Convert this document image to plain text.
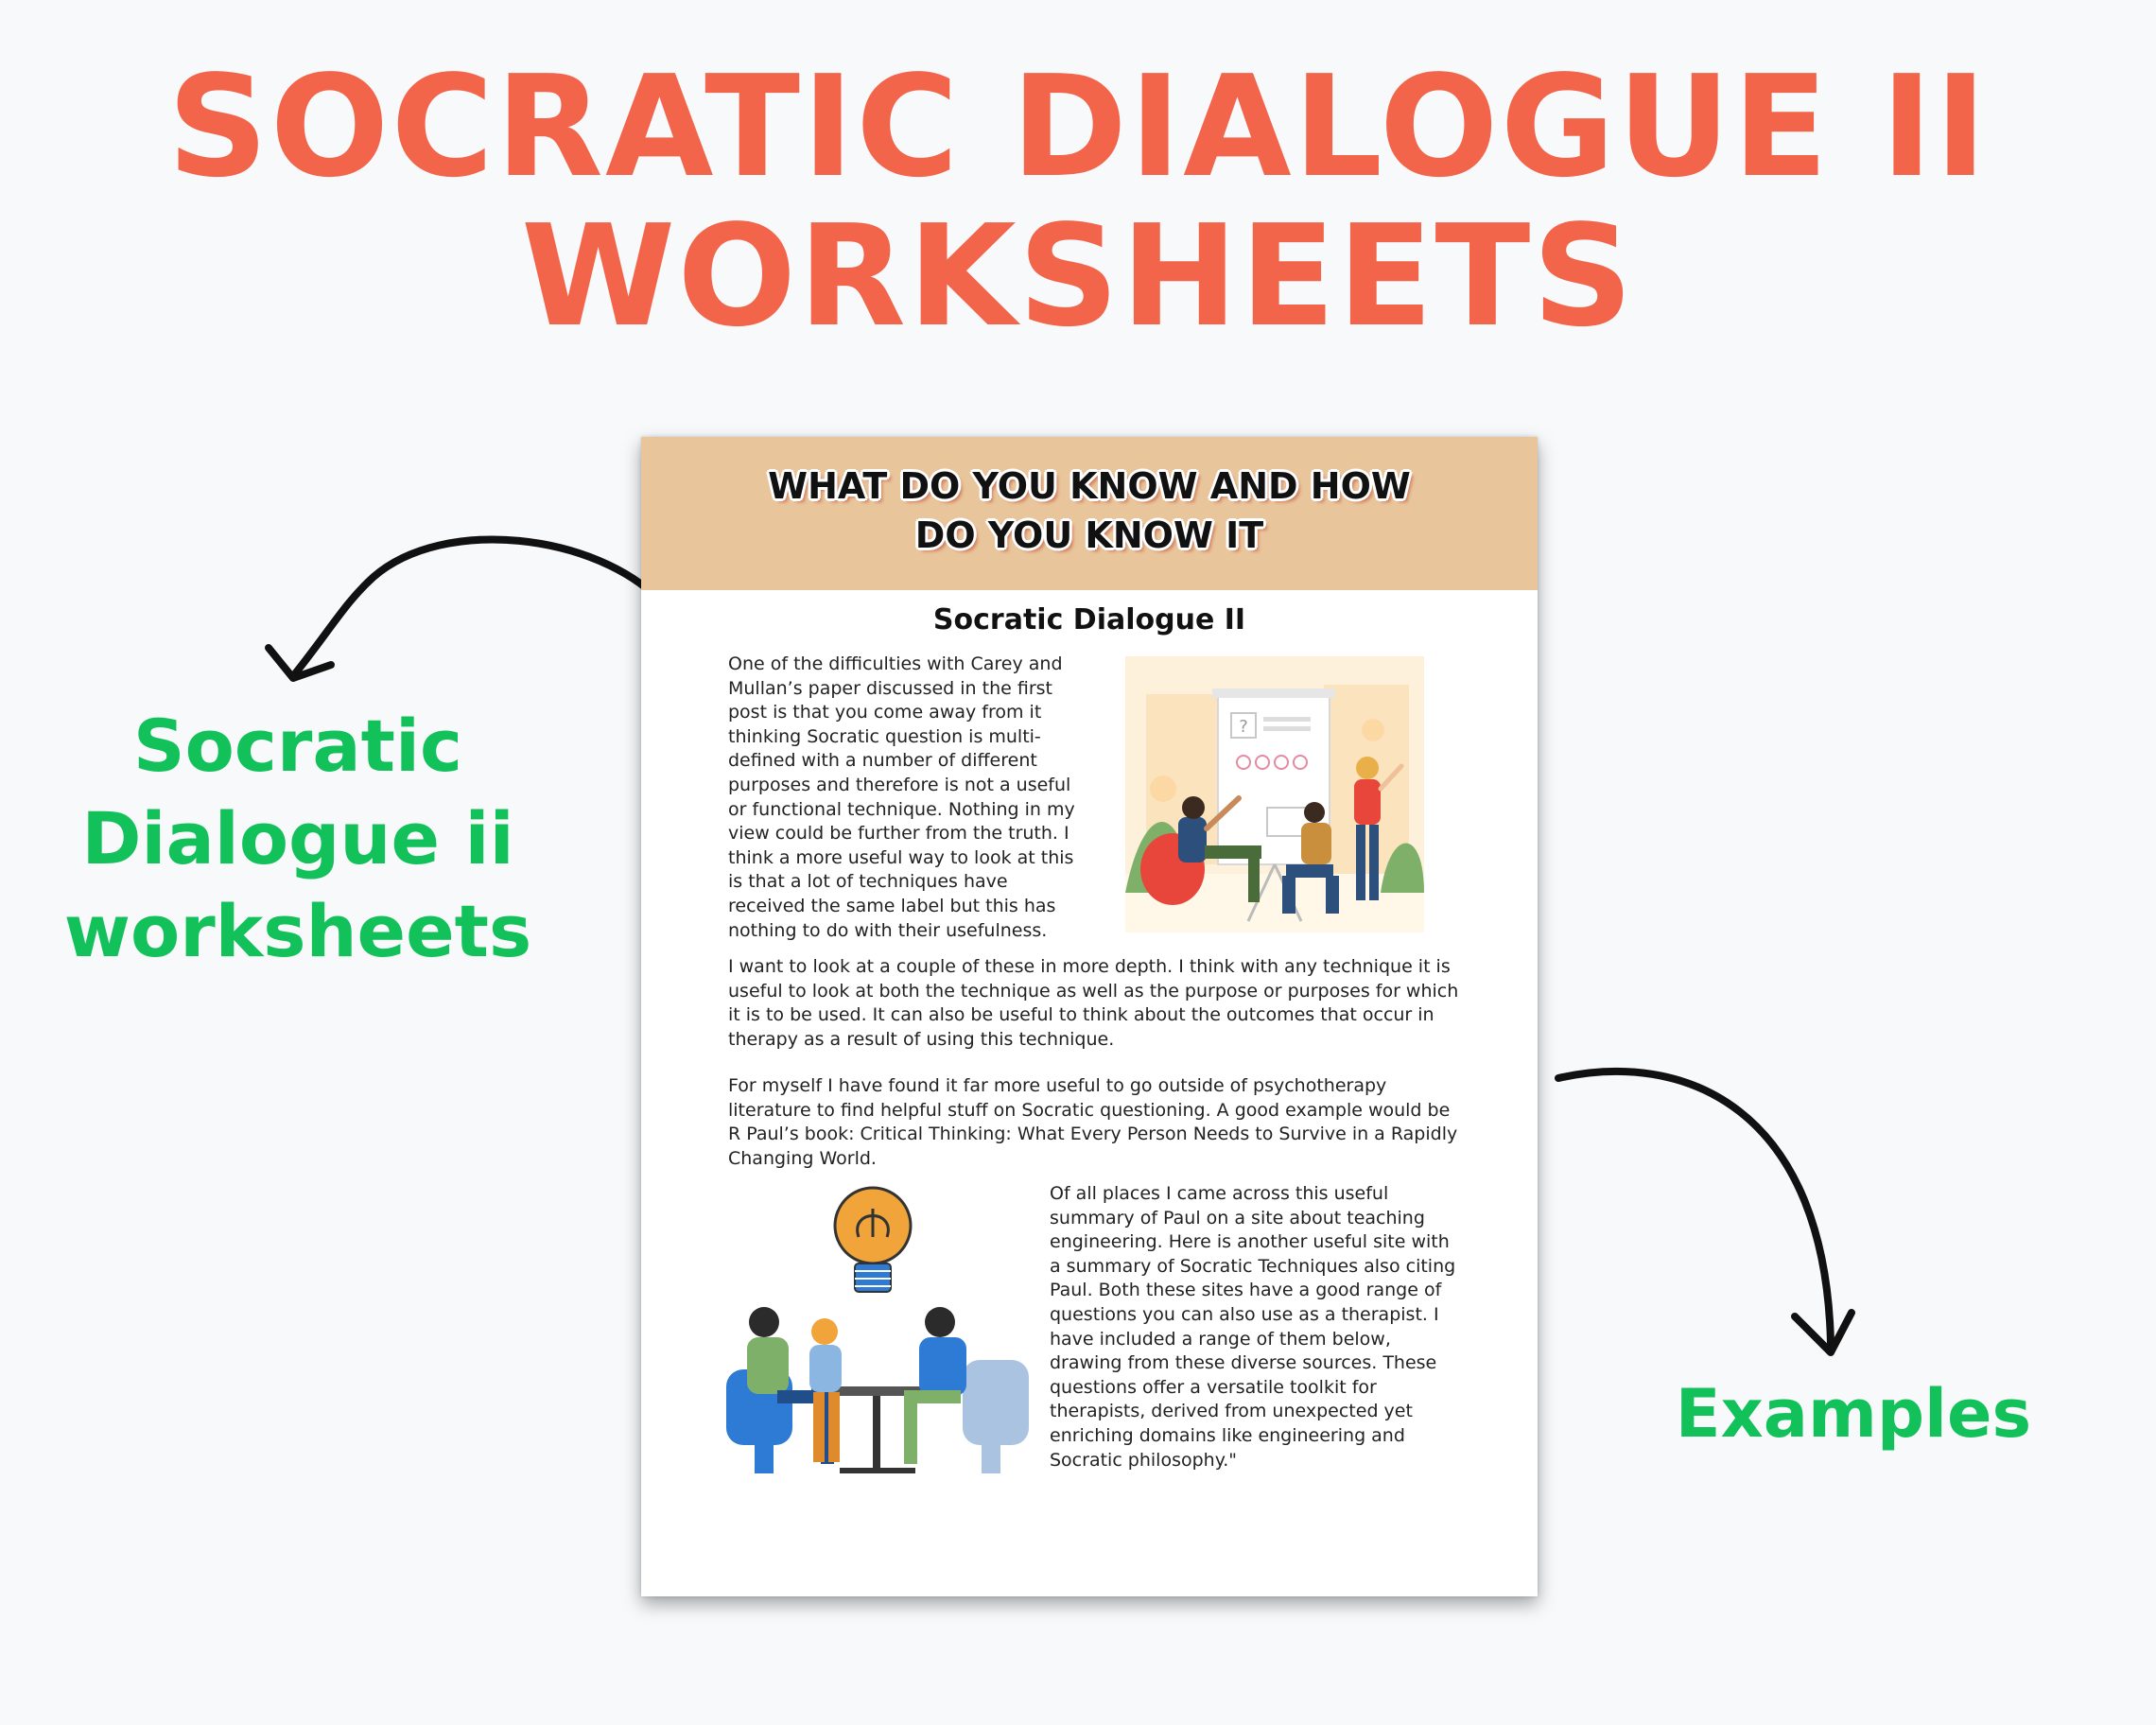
SOCRATIC DIALOGUE II
WORKSHEETS
Socratic
Dialogue ii
worksheets
Examples
WHAT DO YOU KNOW AND HOW
DO YOU KNOW IT
Socratic Dialogue II
One of the difficulties with Carey and Mullan’s paper discussed in the first post is that you come away from it thinking Socratic question is multi-defined with a number of different purposes and therefore is not a useful or functional technique. Nothing in my view could be further from the truth. I think a more useful way to look at this is that a lot of techniques have received the same label but this has nothing to do with their usefulness.
?
I want to look at a couple of these in more depth. I think with any technique it is useful to look at both the technique as well as the purpose or purposes for which it is to be used. It can also be useful to think about the outcomes that occur in therapy as a result of using this technique.
For myself I have found it far more useful to go outside of psychotherapy literature to find helpful stuff on Socratic questioning. A good example would be R Paul’s book: Critical Thinking: What Every Person Needs to Survive in a Rapidly Changing World.
Of all places I came across this useful summary of Paul on a site about teaching engineering. Here is another useful site with a summary of Socratic Techniques also citing Paul. Both these sites have a good range of questions you can also use as a therapist. I have included a range of them below, drawing from these diverse sources. These questions offer a versatile toolkit for therapists, derived from unexpected yet enriching domains like engineering and Socratic philosophy."
